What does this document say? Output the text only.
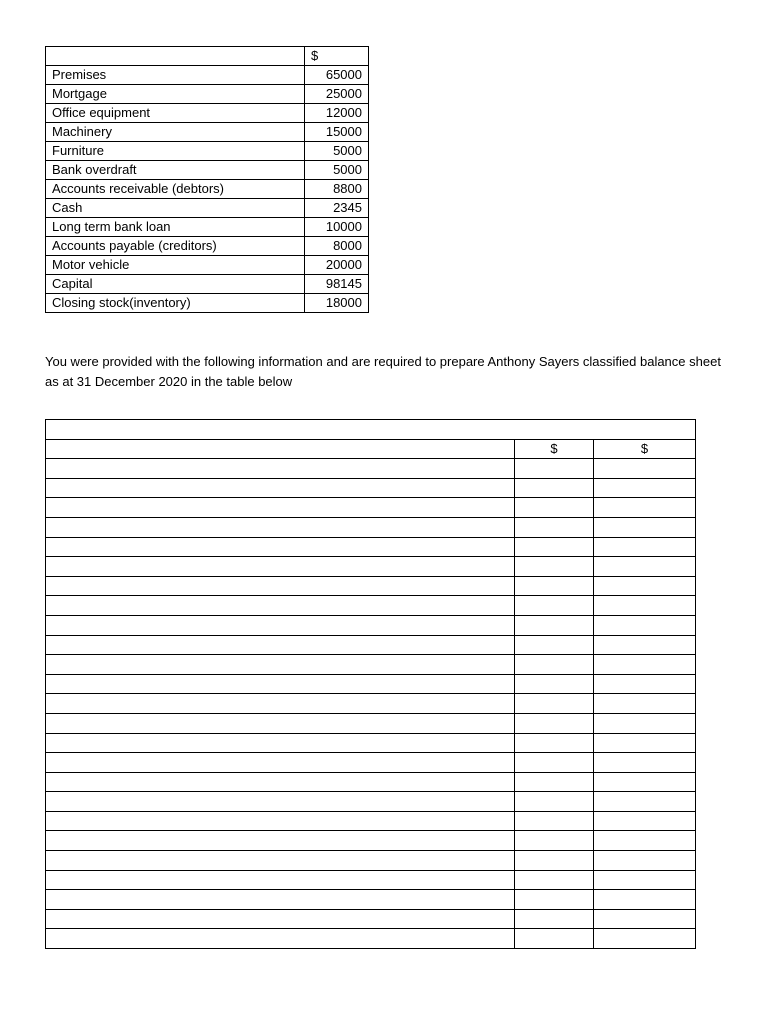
	$
Premises	65000
Mortgage	25000
Office equipment	12000
Machinery	15000
Furniture	5000
Bank overdraft	5000
Accounts receivable (debtors)	8800
Cash	2345
Long term bank loan	10000
Accounts payable (creditors)	8000
Motor vehicle	20000
Capital	98145
Closing stock(inventory)	18000

You were provided with the following information and are required to prepare Anthony Sayers classified balance sheet as at 31 December 2020 in the table below

	$	$
